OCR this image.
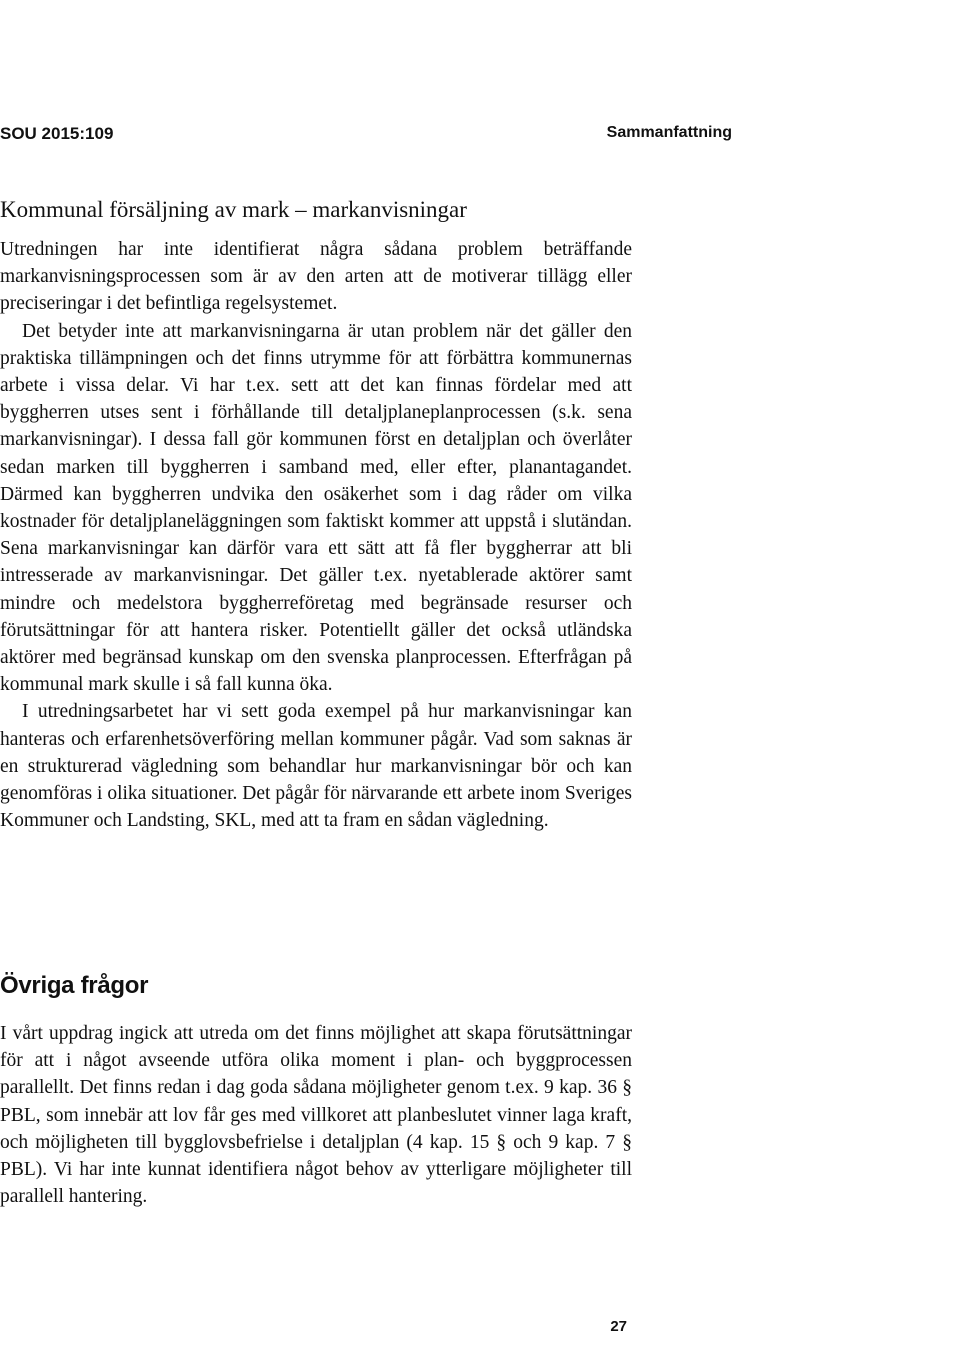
SOU 2015:109	Sammanfattning
Kommunal försäljning av mark – markanvisningar

Utredningen har inte identifierat några sådana problem beträffande markanvisningsprocessen som är av den arten att de motiverar tillägg eller preciseringar i det befintliga regelsystemet.

Det betyder inte att markanvisningarna är utan problem när det gäller den praktiska tillämpningen och det finns utrymme för att förbättra kommunernas arbete i vissa delar. Vi har t.ex. sett att det kan finnas fördelar med att byggherren utses sent i förhållande till detaljplaneplanprocessen (s.k. sena markanvisningar). I dessa fall gör kommunen först en detaljplan och överlåter sedan marken till byggherren i samband med, eller efter, planantagandet. Därmed kan byggherren undvika den osäkerhet som i dag råder om vilka kostnader för detaljplaneläggningen som faktiskt kommer att uppstå i slutändan. Sena markanvisningar kan därför vara ett sätt att få fler byggherrar att bli intresserade av markanvisningar. Det gäller t.ex. nyetablerade aktörer samt mindre och medelstora byggherreföretag med begränsade resurser och förutsättningar för att hantera risker. Potentiellt gäller det också utländska aktörer med begränsad kunskap om den svenska planprocessen. Efterfrågan på kommunal mark skulle i så fall kunna öka.

I utredningsarbetet har vi sett goda exempel på hur markanvisningar kan hanteras och erfarenhetsöverföring mellan kommuner pågår. Vad som saknas är en strukturerad vägledning som behandlar hur markanvisningar bör och kan genomföras i olika situationer. Det pågår för närvarande ett arbete inom Sveriges Kommuner och Landsting, SKL, med att ta fram en sådan vägledning.

Övriga frågor

I vårt uppdrag ingick att utreda om det finns möjlighet att skapa förutsättningar för att i något avseende utföra olika moment i plan- och byggprocessen parallellt. Det finns redan i dag goda sådana möjligheter genom t.ex. 9 kap. 36 § PBL, som innebär att lov får ges med villkoret att planbeslutet vinner laga kraft, och möjligheten till bygglovsbefrielse i detaljplan (4 kap. 15 § och 9 kap. 7 § PBL). Vi har inte kunnat identifiera något behov av ytterligare möjligheter till parallell hantering.

27
